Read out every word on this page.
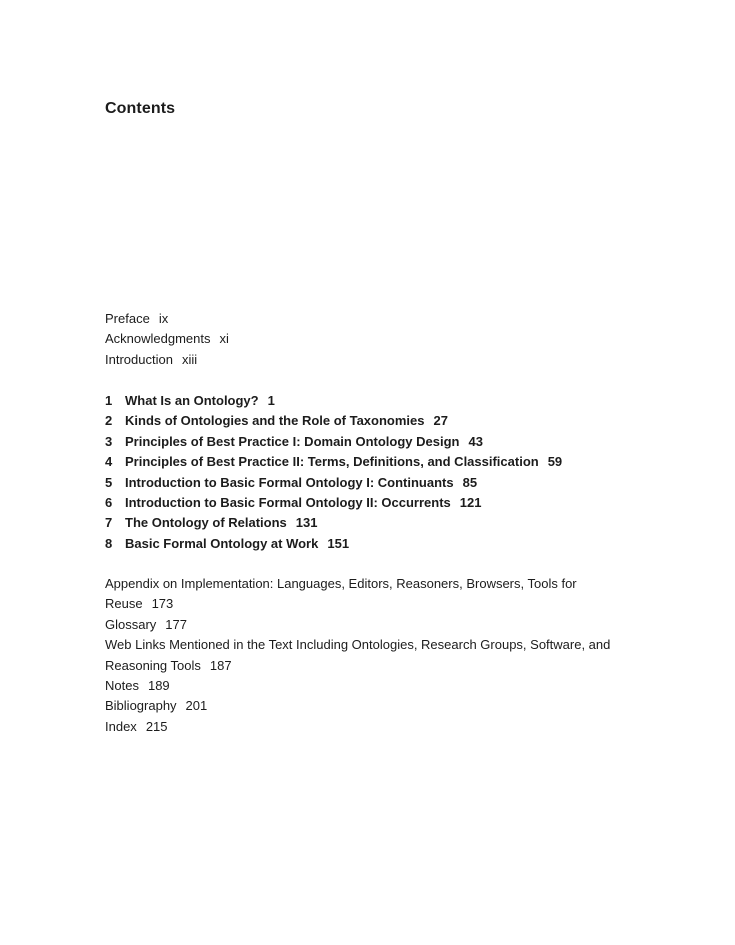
Contents
Preface ix
Acknowledgments xi
Introduction xiii
1 What Is an Ontology? 1
2 Kinds of Ontologies and the Role of Taxonomies 27
3 Principles of Best Practice I: Domain Ontology Design 43
4 Principles of Best Practice II: Terms, Definitions, and Classification 59
5 Introduction to Basic Formal Ontology I: Continuants 85
6 Introduction to Basic Formal Ontology II: Occurrents 121
7 The Ontology of Relations 131
8 Basic Formal Ontology at Work 151
Appendix on Implementation: Languages, Editors, Reasoners, Browsers, Tools for Reuse 173
Glossary 177
Web Links Mentioned in the Text Including Ontologies, Research Groups, Software, and Reasoning Tools 187
Notes 189
Bibliography 201
Index 215
